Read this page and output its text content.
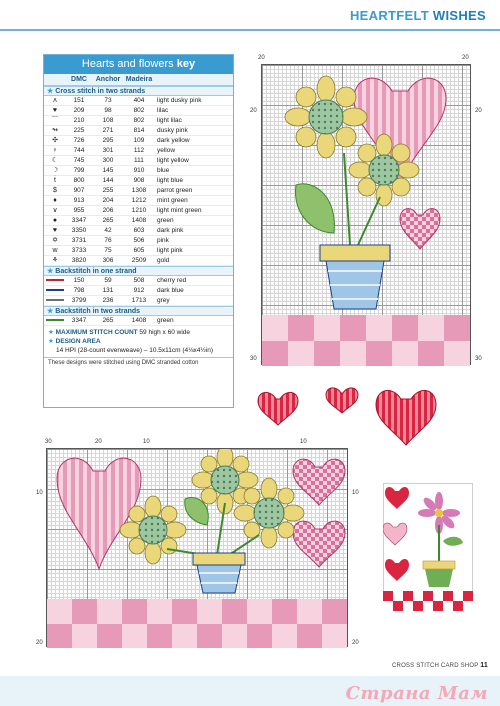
HEARTFELT WISHES
Hearts and flowers key
DMC	Anchor Madeira
★ Cross stitch in two strands
ᴧ	151	73	404	light dusky pink
♥	209	98	802	lilac
⌒	210	108	802	light lilac
↬	225	271	814	dusky pink
✣	726	295	109	dark yellow
♀	744	301	112	yellow
☾	745	300	111	light yellow
☽	799	145	910	blue
ṫ	800	144	908	light blue
$	907	255	1308	parrot green
♦	913	204	1212	mint green
∨	955	206	1210	light mint green
●	3347	265	1408	green
♥	3350	42	603	dark pink
✡	3731	76	506	pink
w	3733	75	605	light pink
⚘	3820	306	2509	gold
★ Backstitch in one strand
150	59	508	cherry red
798	131	912	dark blue
3799	236	1713	grey
★ Backstitch in two strands
3347	265	1408	green
★ MAXIMUM STITCH COUNT 59 high x 60 wide
★ DESIGN AREA
14 HPI (28-count evenweave) – 10.5x11cm (4⅛x4½in)
These designs were stitched using DMC stranded cotton
20	20
20
30
20
30
30	20	10	10
10
20
10
20
CROSS STITCH CARD SHOP 11
Страна Мам
